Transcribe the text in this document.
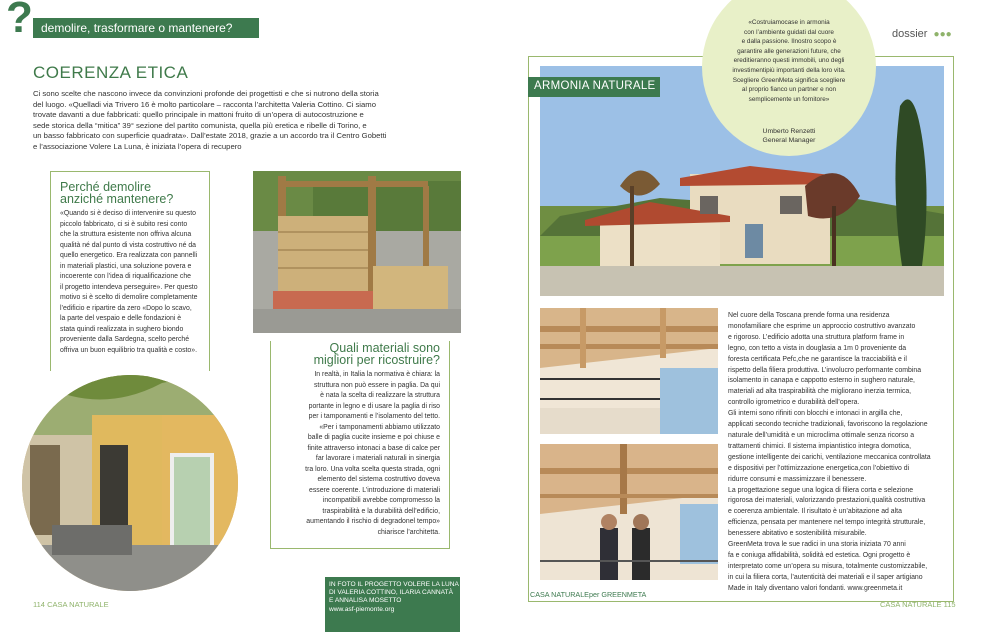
? demolire, trasformare o mantenere?
COERENZA ETICA
Ci sono scelte che nascono invece da convinzioni profonde dei progettisti e che si nutrono della storia
del luogo. «Quelladi via Trivero 16 è molto particolare – racconta l’architetta Valeria Cottino. Ci siamo
trovate davanti a due fabbricati: quello principale in mattoni fruito di un’opera di autocostruzione e
sede storica della “mitica” 39° sezione del partito comunista, quella più eretica e ribelle di Torino, e
un basso fabbricato con superficie quadrata». Dall’estate 2018, grazie a un accordo tra il Centro Gobetti
e l’associazione Volere La Luna, è iniziata l’opera di recupero
Perché demolire
anziché mantenere?
«Quando si è deciso di intervenire su questo
piccolo fabbricato, ci si è subito resi conto
che la struttura esistente non offriva alcuna
qualità né dal punto di vista costruttivo né da
quello energetico. Era realizzata con pannelli
in materiali plastici, una soluzione povera e
incoerente con l’idea di riqualificazione che
il progetto intendeva perseguire». Per questo
motivo si è scelto di demolire completamente
l’edificio e ripartire da zero «Dopo lo scavo,
la parte del vespaio e delle fondazioni è
stata quindi realizzata in sughero biondo
proveniente dalla Sardegna, scelto perché
offriva un buon equilibrio tra qualità e costo».	Quali materiali sono
migliori per ricostruire?
In realtà, in Italia la normativa è chiara: la
struttura non può essere in paglia. Da qui
è nata la scelta di realizzare la struttura
portante in legno e di usare la paglia di riso
per i tamponamenti e l’isolamento del tetto.
«Per i tamponamenti abbiamo utilizzato
balle di paglia cucite insieme e poi chiuse e
finite attraverso intonaci a base di calce per
far lavorare i materiali naturali in sinergia
tra loro. Una volta scelta questa strada, ogni
elemento del sistema costruttivo doveva
essere coerente. L’introduzione di materiali
incompatibili avrebbe compromesso la
traspirabilità e la durabilità dell’edificio,
aumentando il rischio di degradonel tempo»
chiarisce l’architetta.
IN FOTO IL PROGETTO VOLERE LA LUNA
DI VALERIA COTTINO, ILARIA CANNATÀ
E ANNALISA MOSETTO
www.asf-piemonte.org
114 CASA NATURALE
dossier ●●●
ARMONIA NATURALE
«Costruiamocase in armonia
con l’ambiente guidati dal cuore
e dalla passione. Ilnostro scopo è
garantire alle generazioni future, che
ereditieranno questi immobili, uno degli
investimentipiù importanti della loro vita.
Scegliere GreenMeta significa scegliere
al proprio fianco un partner e non
semplicemente un fornitore»
Umberto Renzetti
General Manager
Nel cuore della Toscana prende forma una residenza
monofamiliare che esprime un approccio costruttivo avanzato
e rigoroso. L’edificio adotta una struttura platform frame in
legno, con tetto a vista in douglasia a 1m 0 proveniente da
foresta certificata Pefc,che ne garantisce la tracciabilità e il
rispetto della filiera produttiva. L’involucro performante combina
isolamento in canapa e cappotto esterno in sughero naturale,
materiali ad alta traspirabilità che migliorano inerzia termica,
controllo igrometrico e durabilità dell’opera.
Gli interni sono rifiniti con blocchi e intonaci in argilla che,
applicati secondo tecniche tradizionali, favoriscono la regolazione
naturale dell’umidità e un microclima ottimale senza ricorso a
trattamenti chimici. Il sistema impiantistico integra domotica,
gestione intelligente dei carichi, ventilazione meccanica controllata
e dispositivi per l’ottimizzazione energetica,con l’obiettivo di
ridurre consumi e massimizzare il benessere.
La progettazione segue una logica di filiera corta e selezione
rigorosa dei materiali, valorizzando prestazioni,qualità costruttiva
e coerenza ambientale. Il risultato è un’abitazione ad alta
efficienza, pensata per mantenere nel tempo integrità strutturale,
benessere abitativo e sostenibilità misurabile.
GreenMeta trova le sue radici in una storia iniziata 70 anni
fa e coniuga affidabilità, solidità ed estetica. Ogni progetto è
interpretato come un’opera su misura, totalmente customizzabile,
in cui la filiera corta, l’autenticità dei materiali e il saper artigiano
Made in Italy diventano valori fondanti. www.greenmeta.it
CASA NATURALEper GREENMETA
CASA NATURALE 115
